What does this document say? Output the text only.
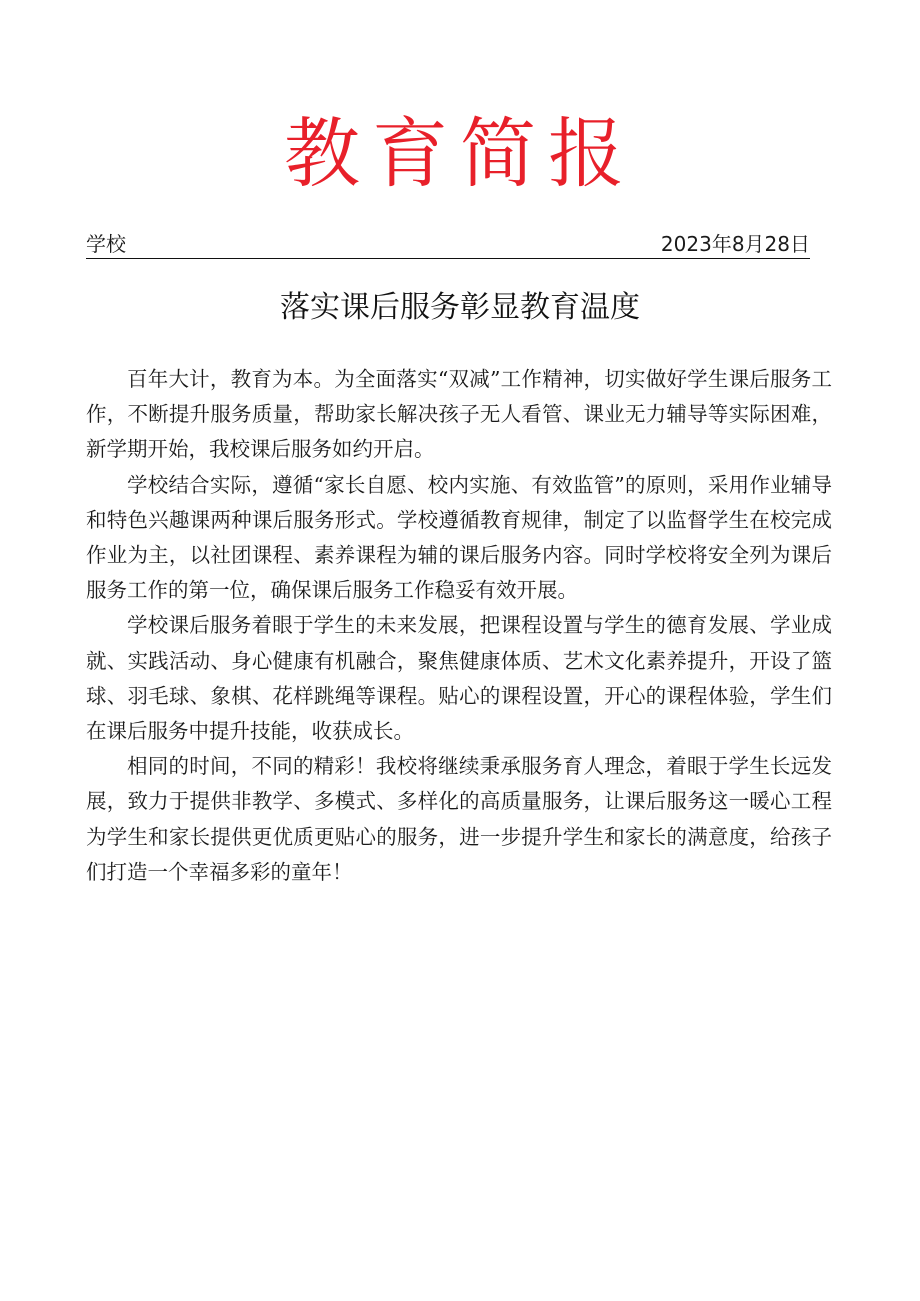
教育简报
学校	2023年8月28日
落实课后服务彰显教育温度

百年大计，教育为本。为全面落实“双减”工作精神，切实做好学生课后服务工作，不断提升服务质量，帮助家长解决孩子无人看管、课业无力辅导等实际困难，新学期开始，我校课后服务如约开启。

学校结合实际，遵循“家长自愿、校内实施、有效监管”的原则，采用作业辅导和特色兴趣课两种课后服务形式。学校遵循教育规律，制定了以监督学生在校完成作业为主，以社团课程、素养课程为辅的课后服务内容。同时学校将安全列为课后服务工作的第一位，确保课后服务工作稳妥有效开展。

学校课后服务着眼于学生的未来发展，把课程设置与学生的德育发展、学业成就、实践活动、身心健康有机融合，聚焦健康体质、艺术文化素养提升，开设了篮球、羽毛球、象棋、花样跳绳等课程。贴心的课程设置，开心的课程体验，学生们在课后服务中提升技能，收获成长。

相同的时间，不同的精彩！我校将继续秉承服务育人理念，着眼于学生长远发展，致力于提供非教学、多模式、多样化的高质量服务，让课后服务这一暖心工程为学生和家长提供更优质更贴心的服务，进一步提升学生和家长的满意度，给孩子们打造一个幸福多彩的童年！
